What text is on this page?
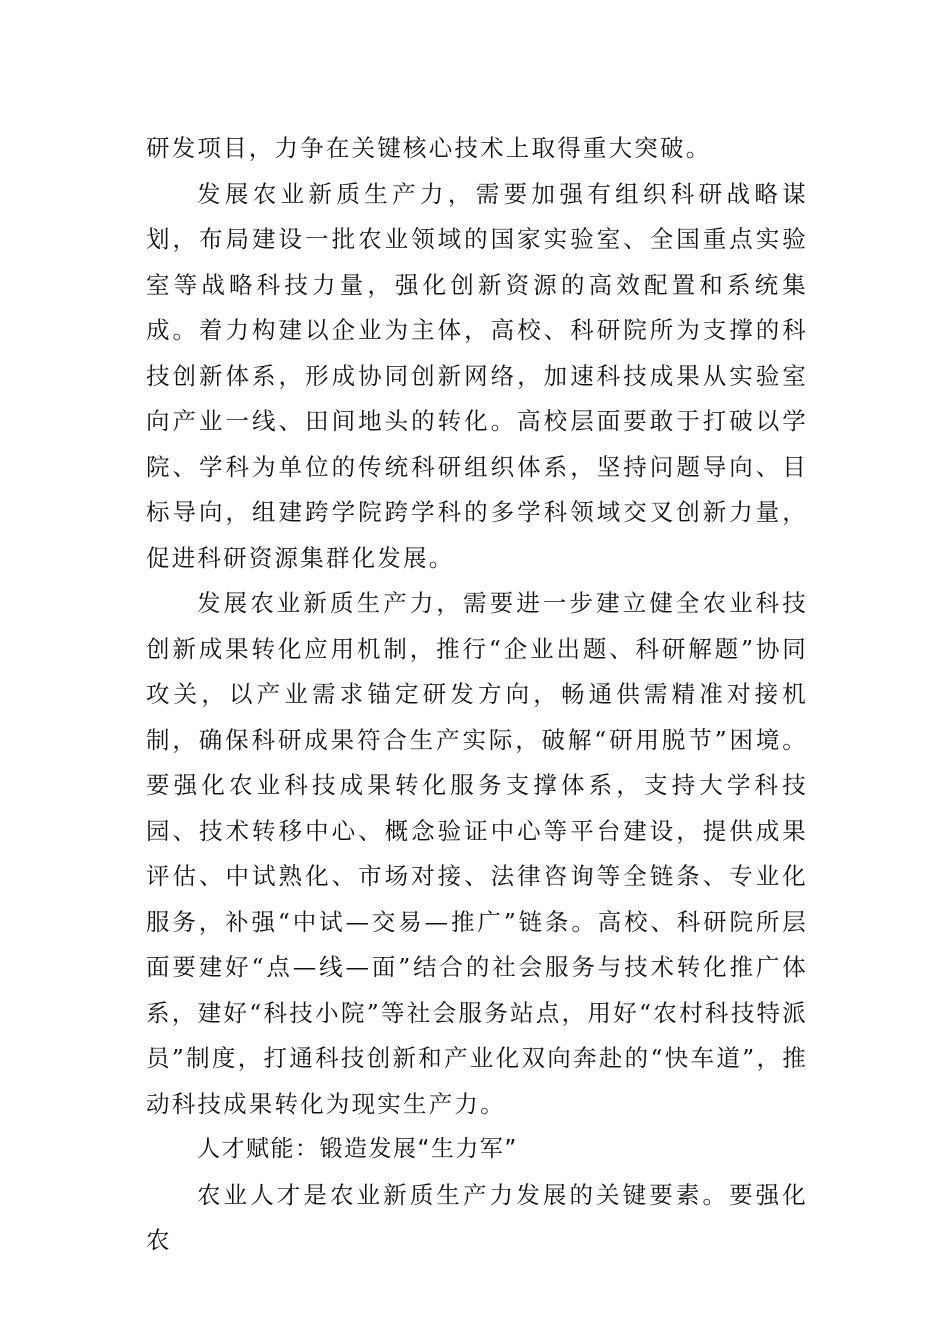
研发项目，力争在关键核心技术上取得重大突破。

发展农业新质生产力，需要加强有组织科研战略谋划，布局建设一批农业领域的国家实验室、全国重点实验室等战略科技力量，强化创新资源的高效配置和系统集成。着力构建以企业为主体，高校、科研院所为支撑的科技创新体系，形成协同创新网络，加速科技成果从实验室向产业一线、田间地头的转化。高校层面要敢于打破以学院、学科为单位的传统科研组织体系，坚持问题导向、目标导向，组建跨学院跨学科的多学科领域交叉创新力量，促进科研资源集群化发展。

发展农业新质生产力，需要进一步建立健全农业科技创新成果转化应用机制，推行“企业出题、科研解题”协同攻关，以产业需求锚定研发方向，畅通供需精准对接机制，确保科研成果符合生产实际，破解“研用脱节”困境。要强化农业科技成果转化服务支撑体系，支持大学科技园、技术转移中心、概念验证中心等平台建设，提供成果评估、中试熟化、市场对接、法律咨询等全链条、专业化服务，补强“中试—交易—推广”链条。高校、科研院所层面要建好“点—线—面”结合的社会服务与技术转化推广体系，建好“科技小院”等社会服务站点，用好“农村科技特派员”制度，打通科技创新和产业化双向奔赴的“快车道”，推动科技成果转化为现实生产力。

人才赋能：锻造发展“生力军”

农业人才是农业新质生产力发展的关键要素。要强化农
